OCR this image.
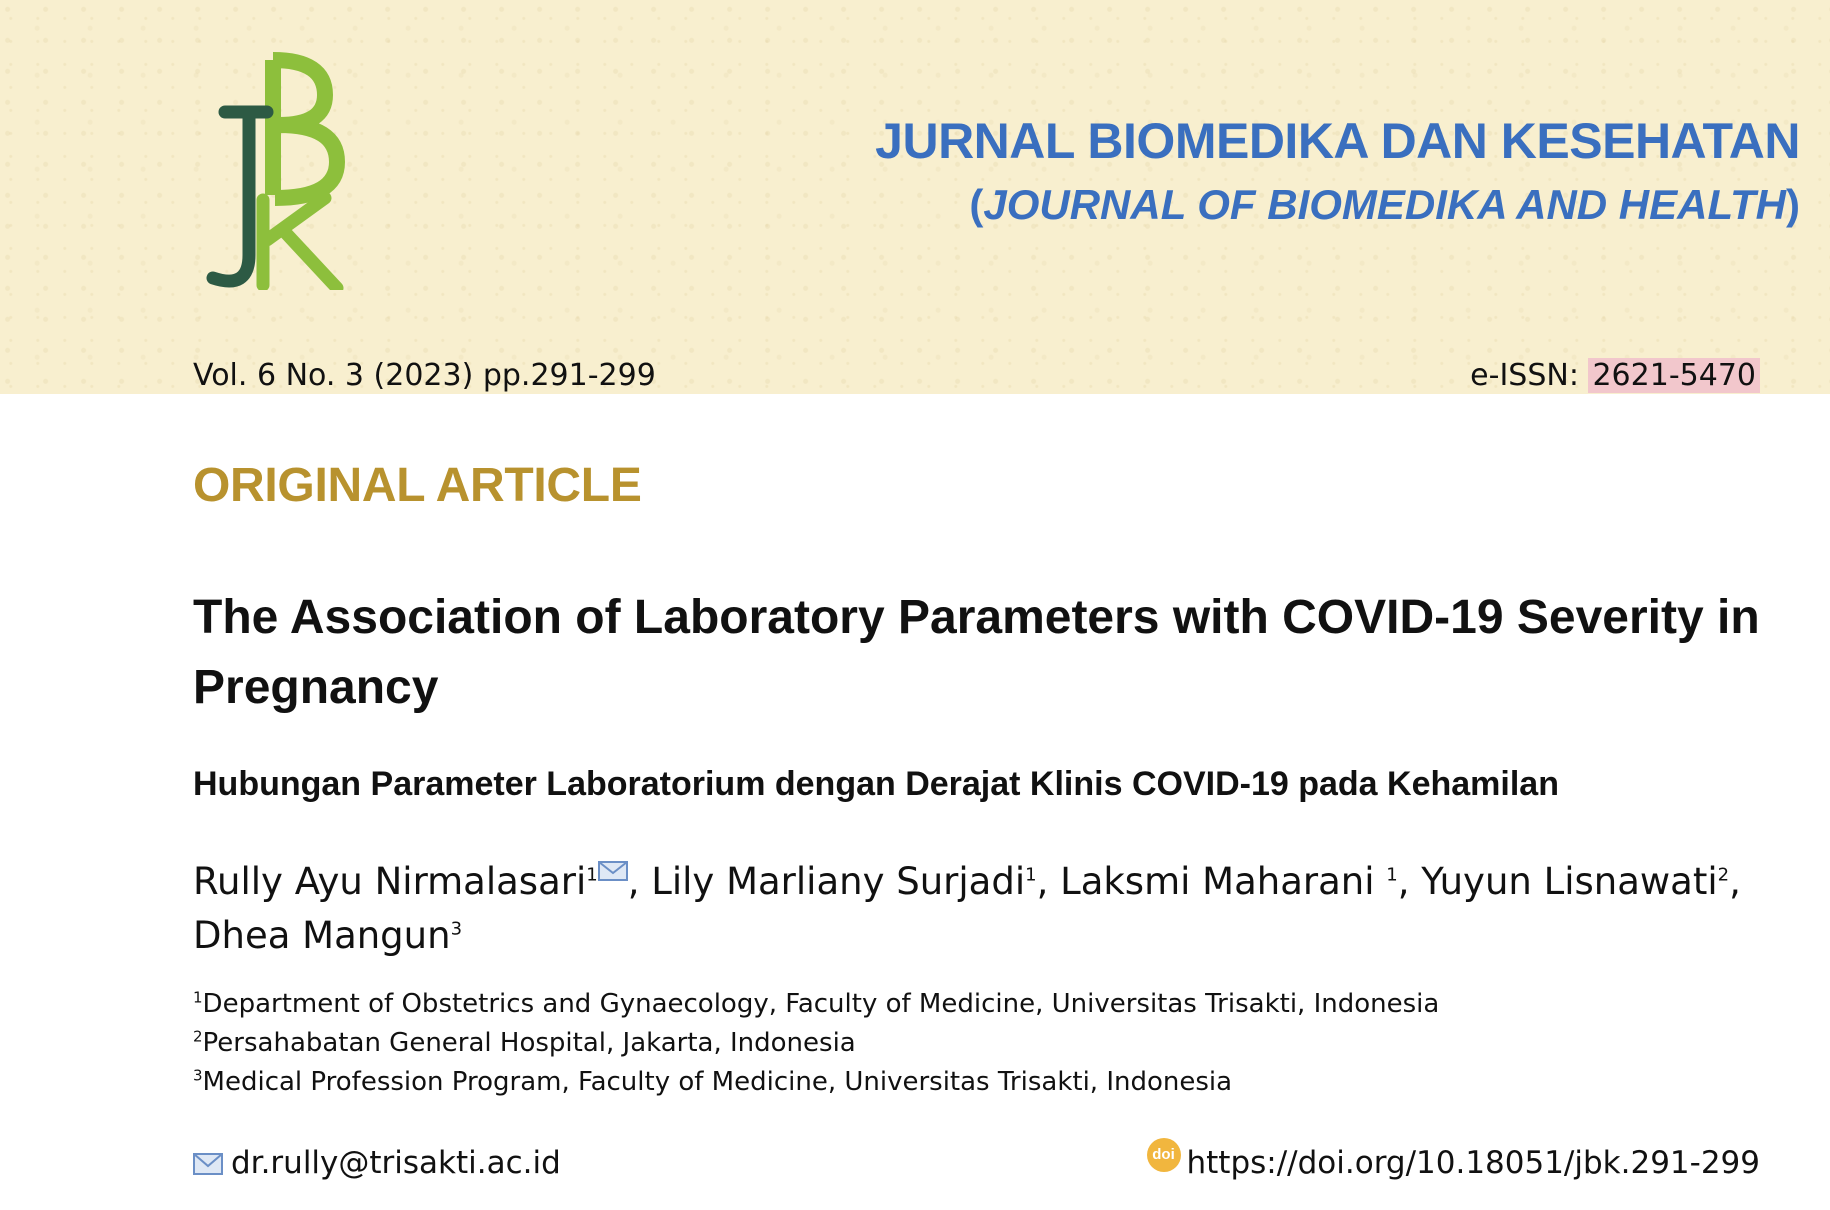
JURNAL BIOMEDIKA DAN KESEHATAN
(JOURNAL OF BIOMEDIKA AND HEALTH)
Vol. 6 No. 3 (2023) pp.291-299	e-ISSN: 2621-5470
ORIGINAL ARTICLE
The Association of Laboratory Parameters with COVID-19 Severity in Pregnancy
Hubungan Parameter Laboratorium dengan Derajat Klinis COVID-19 pada Kehamilan
Rully Ayu Nirmalasari$^1$ , Lily Marliany Surjadi$^1$, Laksmi Maharani $^1$, Yuyun Lisnawati$^2$, Dhea Mangun$^3$
$^1$Department of Obstetrics and Gynaecology, Faculty of Medicine, Universitas Trisakti, Indonesia
$^2$Persahabatan General Hospital, Jakarta, Indonesia
$^3$Medical Profession Program, Faculty of Medicine, Universitas Trisakti, Indonesia
dr.rully@trisakti.ac.id	doi https://doi.org/10.18051/jbk.291-299
